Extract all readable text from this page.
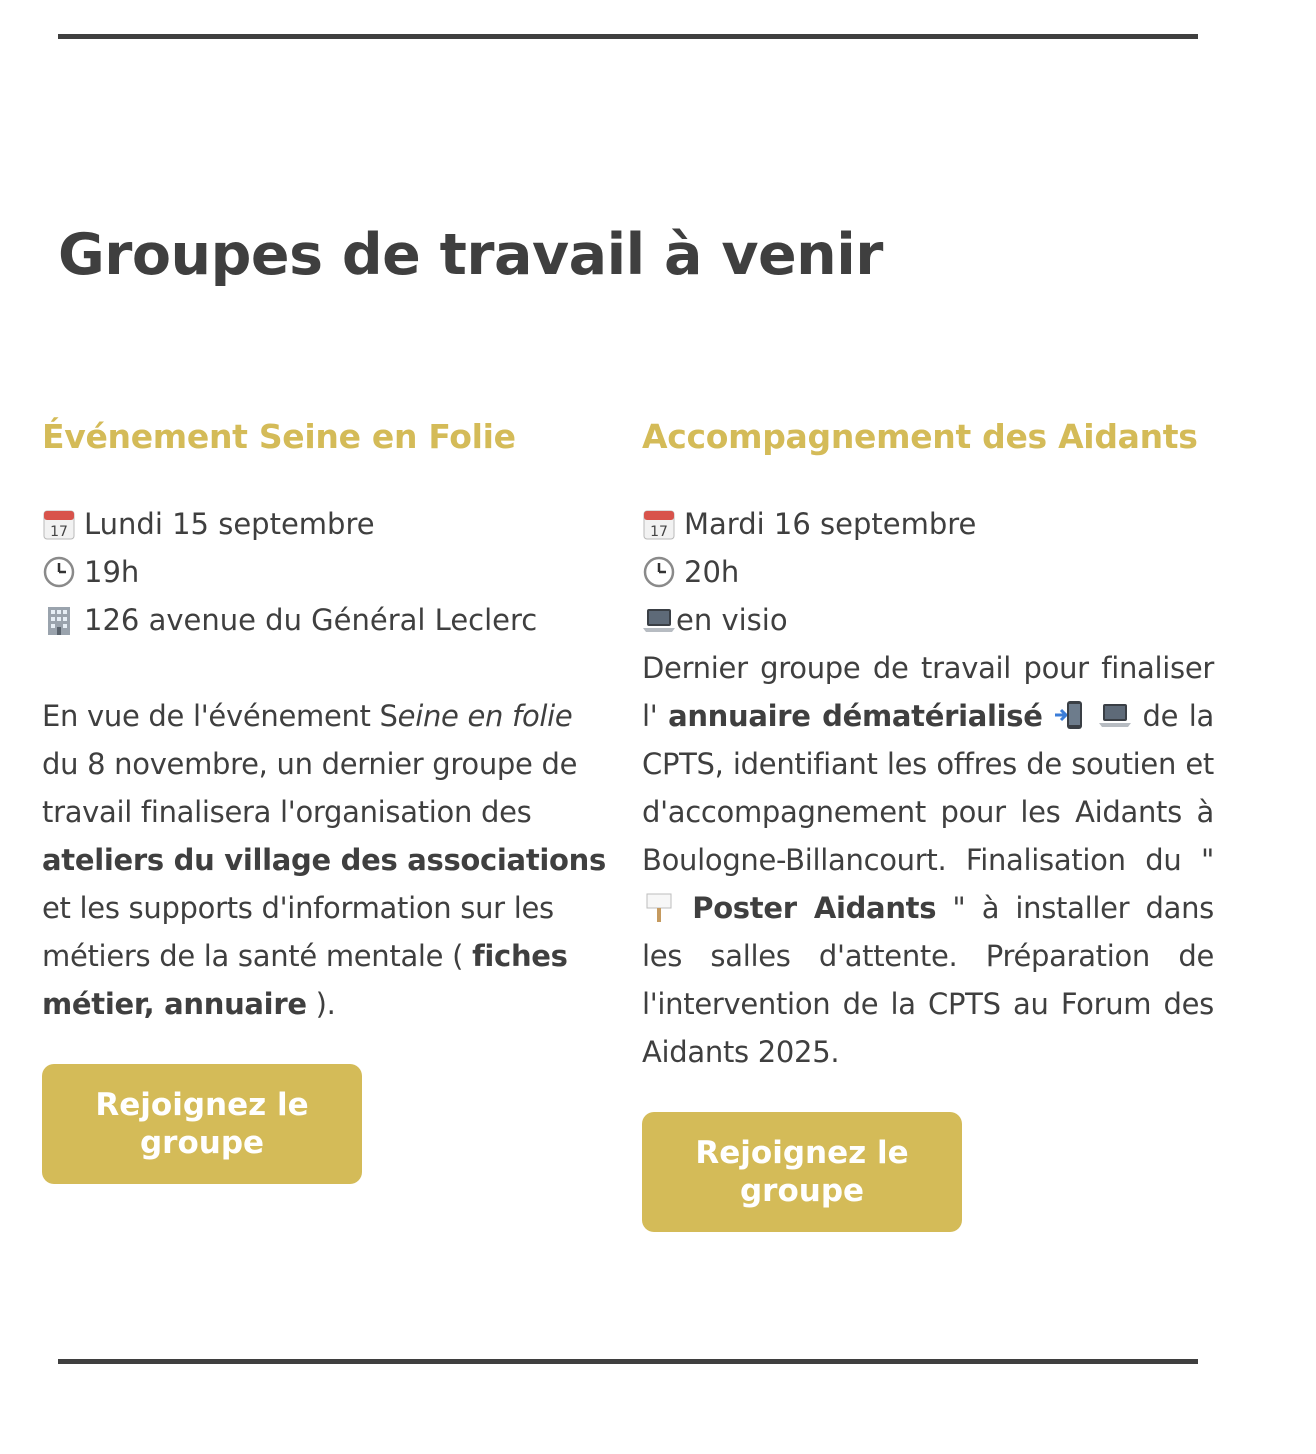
Groupes de travail à venir
Événement Seine en Folie
17 Lundi 15 septembre
19h
126 avenue du Général Leclerc
En vue de l'événement Seine en folie du 8 novembre, un dernier groupe de travail finalisera l'organisation des ateliers du village des associations et les supports d'information sur les métiers de la santé mentale ( fiches métier, annuaire ).
Rejoignez le groupe
Accompagnement des Aidants
17 Mardi 16 septembre
20h
en visio
Dernier groupe de travail pour finaliser l' annuaire dématérialisé	de la CPTS, identifiant les offres de soutien et d'accompagnement pour les Aidants à Boulogne-Billancourt. Finalisation du " Poster Aidants " à installer dans les salles d'attente. Préparation de l'intervention de la CPTS au Forum des Aidants 2025.
Rejoignez le groupe
